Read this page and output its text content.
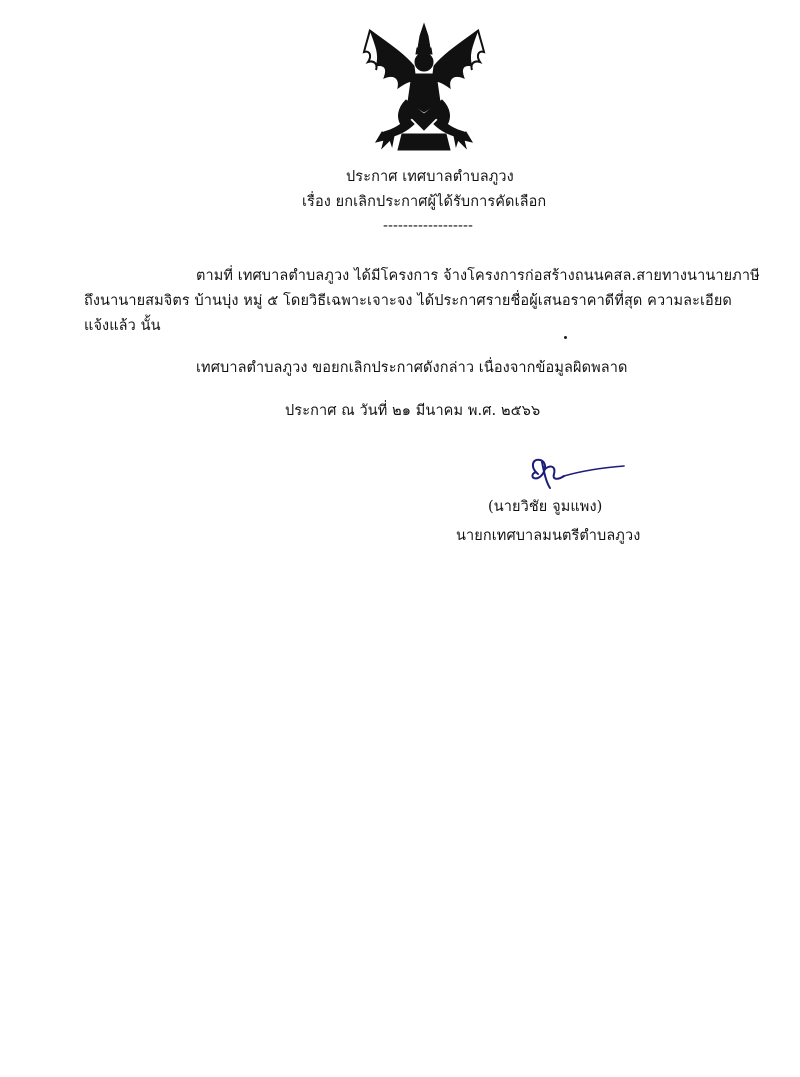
ประกาศ เทศบาลตำบลภูวง
เรื่อง ยกเลิกประกาศผู้ได้รับการคัดเลือก
------------------
ตามที่ เทศบาลตำบลภูวง ได้มีโครงการ จ้างโครงการก่อสร้างถนนคสล.สายทางนานายภาษี
ถึงนานายสมจิตร บ้านบุ่ง หมู่ ๕ โดยวิธีเฉพาะเจาะจง ได้ประกาศรายชื่อผู้เสนอราคาดีที่สุด ความละเอียด
แจ้งแล้ว นั้น
เทศบาลตำบลภูวง ขอยกเลิกประกาศดังกล่าว เนื่องจากข้อมูลผิดพลาด
ประกาศ ณ วันที่ ๒๑ มีนาคม พ.ศ. ๒๕๖๖
(นายวิชัย จูมแพง)
นายกเทศบาลมนตรีตำบลภูวง
